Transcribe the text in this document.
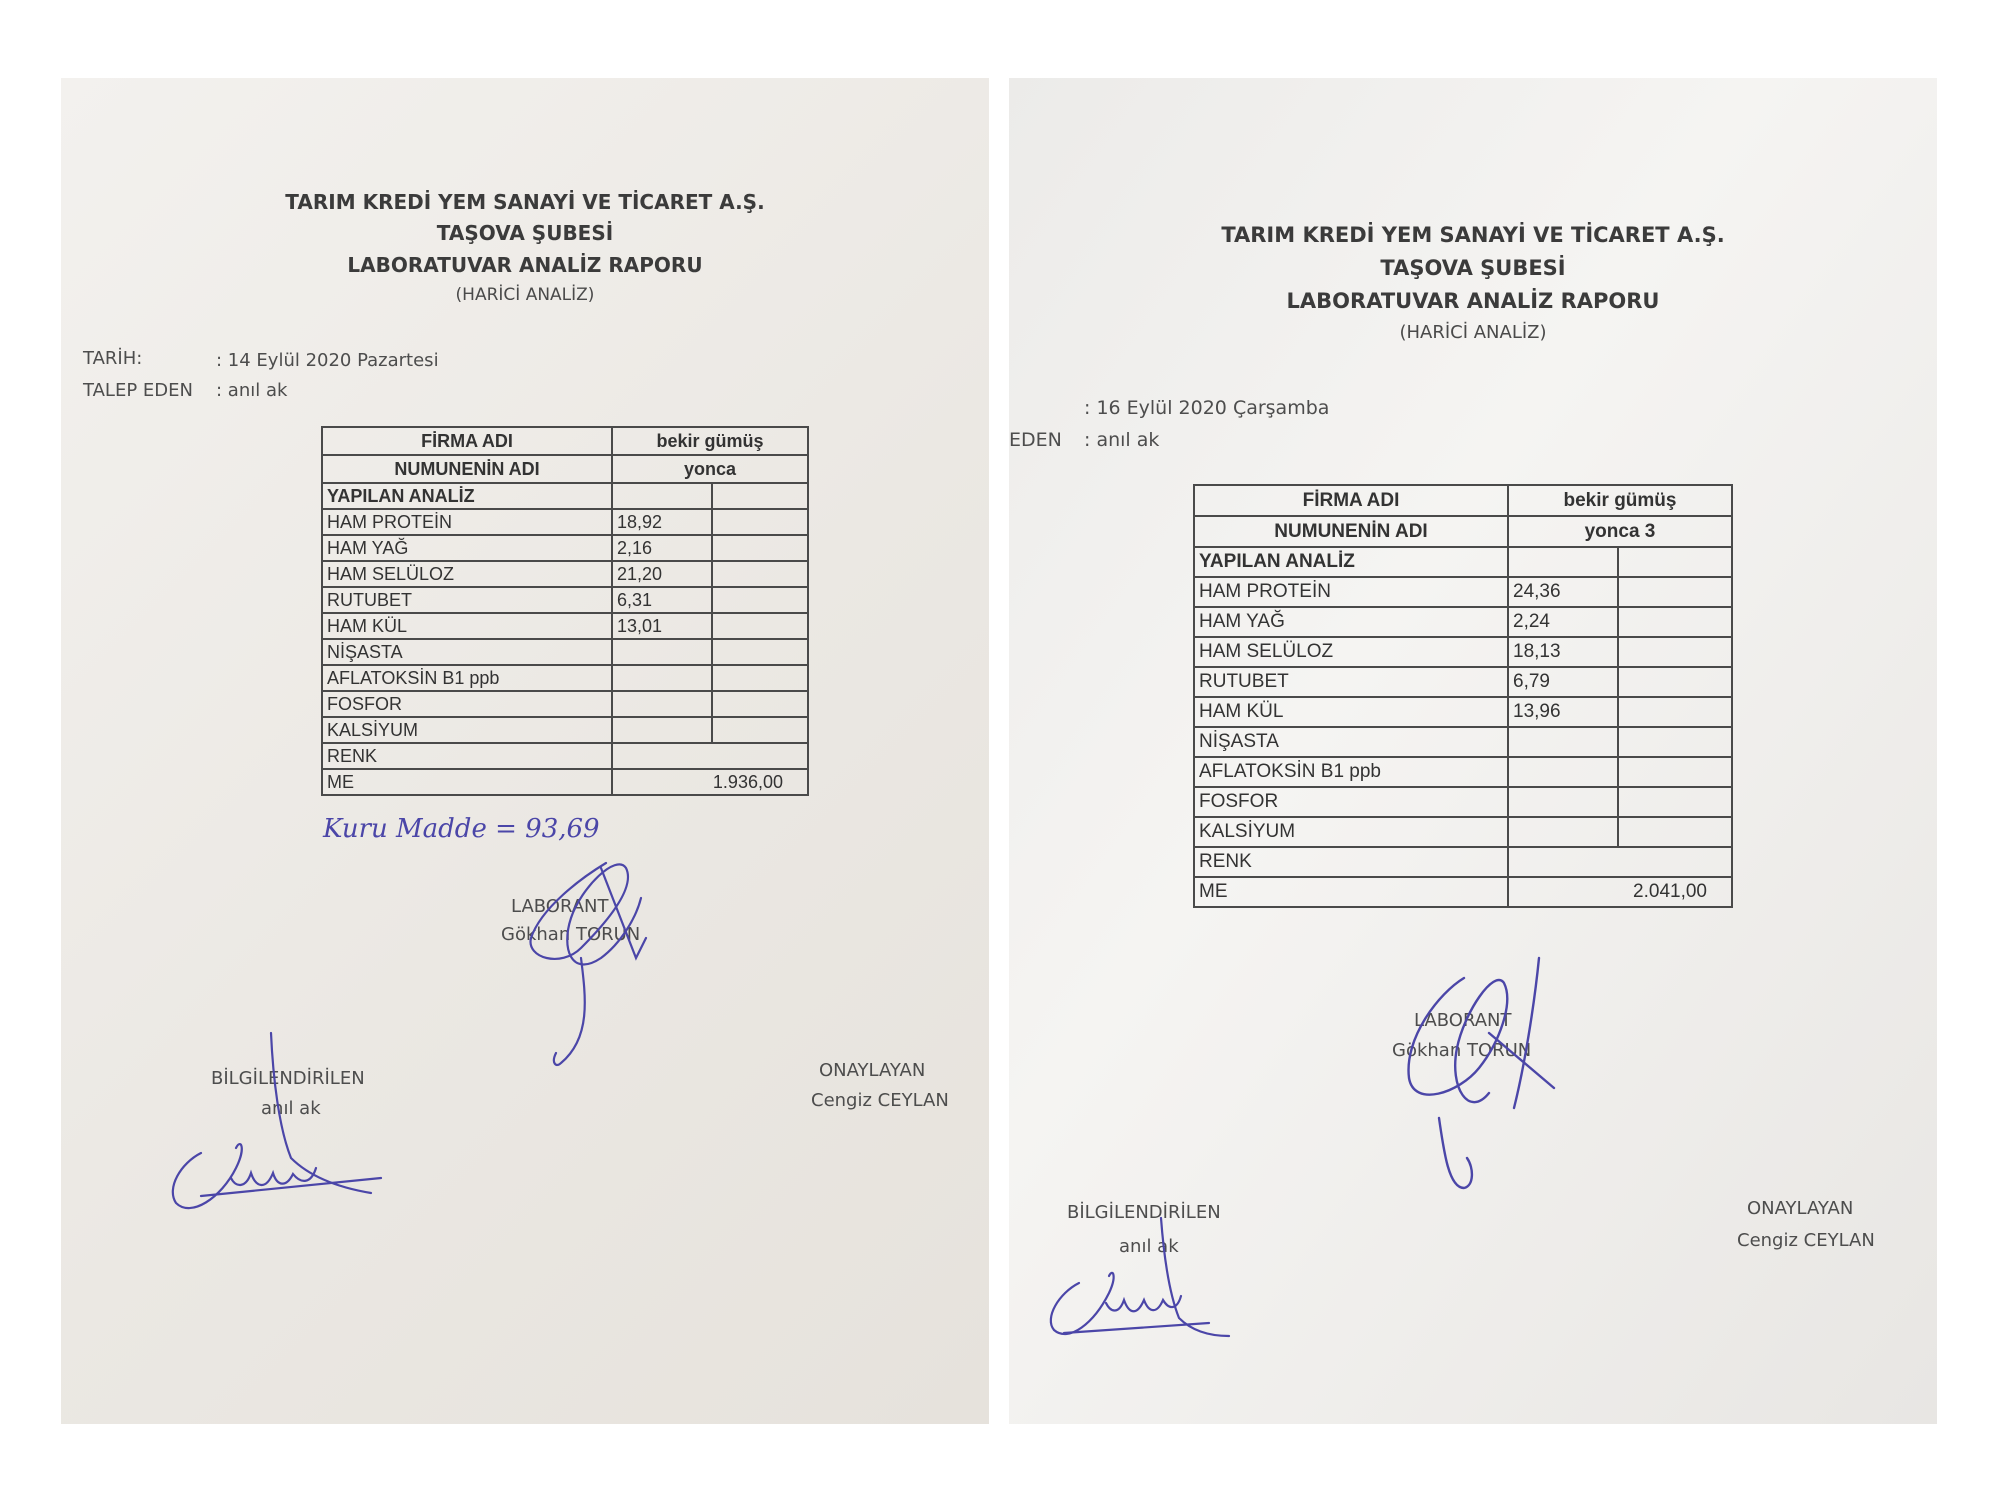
TARIM KREDİ YEM SANAYİ VE TİCARET A.Ş.
TAŞOVA ŞUBESİ
LABORATUVAR ANALİZ RAPORU
(HARİCİ ANALİZ)
TARİH:	: 14 Eylül 2020 Pazartesi
TALEP EDEN : anıl ak
FİRMA ADI	bekir gümüş	
NUMUNENİN ADI	yonca	
YAPILAN ANALİZ		
HAM PROTEİN	18,92	
HAM YAĞ	2,16	
HAM SELÜLOZ	21,20	
RUTUBET	6,31	
HAM KÜL	13,01	
NİŞASTA		
AFLATOKSİN B1 ppb		
FOSFOR		
KALSİYUM		
RENK		
ME	1.936,00	
Kuru Madde = 93,69
LABORANT
Gökhan TORUN
BİLGİLENDİRİLEN
anıl ak
ONAYLAYAN
Cengiz CEYLAN
TARIM KREDİ YEM SANAYİ VE TİCARET A.Ş.
TAŞOVA ŞUBESİ
LABORATUVAR ANALİZ RAPORU
(HARİCİ ANALİZ)
: 16 Eylül 2020 Çarşamba
EDEN : anıl ak
FİRMA ADI	bekir gümüş	
NUMUNENİN ADI	yonca 3	
YAPILAN ANALİZ		
HAM PROTEİN	24,36	
HAM YAĞ	2,24	
HAM SELÜLOZ	18,13	
RUTUBET	6,79	
HAM KÜL	13,96	
NİŞASTA		
AFLATOKSİN B1 ppb		
FOSFOR		
KALSİYUM		
RENK		
ME	2.041,00	
LABORANT
Gökhan TORUN
BİLGİLENDİRİLEN
anıl ak
ONAYLAYAN
Cengiz CEYLAN
